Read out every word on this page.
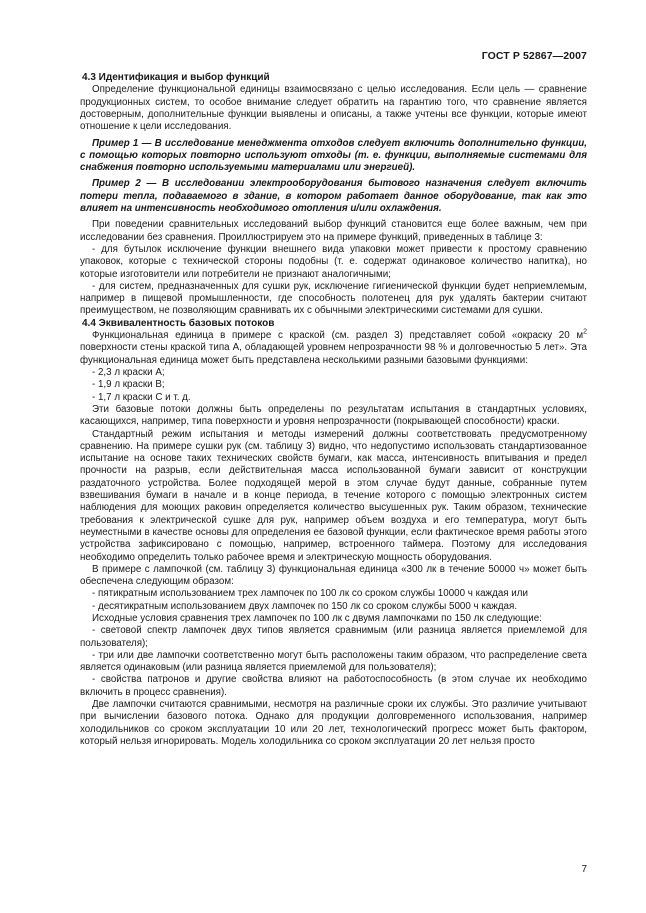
ГОСТ Р 52867—2007
4.3 Идентификация и выбор функций

Определение функциональной единицы взаимосвязано с целью исследования. Если цель — сравнение продукционных систем, то особое внимание следует обратить на гарантию того, что сравнение является достоверным, дополнительные функции выявлены и описаны, а также учтены все функции, которые имеют отношение к цели исследования.

Пример 1 — В исследование менеджмента отходов следует включить дополнительно функции, с помощью которых повторно используют отходы (т. е. функции, выполняемые системами для снабжения повторно используемыми материалами или энергией).

Пример 2 — В исследовании электрооборудования бытового назначения следует включить потери тепла, подаваемого в здание, в котором работает данное оборудование, так как это влияет на интенсивность необходимого отопления и/или охлаждения.

При поведении сравнительных исследований выбор функций становится еще более важным, чем при исследовании без сравнения. Проиллюстрируем это на примере функций, приведенных в таблице 3:

- для бутылок исключение функции внешнего вида упаковки может привести к простому сравнению упаковок, которые с технической стороны подобны (т. е. содержат одинаковое количество напитка), но которые изготовители или потребители не признают аналогичными;

- для систем, предназначенных для сушки рук, исключение гигиенической функции будет неприемлемым, например в пищевой промышленности, где способность полотенец для рук удалять бактерии считают преимуществом, не позволяющим сравнивать их с обычными электрическими системами для сушки.

4.4 Эквивалентность базовых потоков

Функциональная единица в примере с краской (см. раздел 3) представляет собой «окраску 20 $м^2$ поверхности стены краской типа А, обладающей уровнем непрозрачности 98 % и долговечностью 5 лет». Эта функциональная единица может быть представлена несколькими разными базовыми функциями:

- 2,3 л краски А;

- 1,9 л краски В;

- 1,7 л краски С и т. д.

Эти базовые потоки должны быть определены по результатам испытания в стандартных условиях, касающихся, например, типа поверхности и уровня непрозрачности (покрывающей способности) краски.

Стандартный режим испытания и методы измерений должны соответствовать предусмотренному сравнению. На примере сушки рук (см. таблицу 3) видно, что недопустимо использовать стандартизованное испытание на основе таких технических свойств бумаги, как масса, интенсивность впитывания и предел прочности на разрыв, если действительная масса использованной бумаги зависит от конструкции раздаточного устройства. Более подходящей мерой в этом случае будут данные, собранные путем взвешивания бумаги в начале и в конце периода, в течение которого с помощью электронных систем наблюдения для моющих раковин определяется количество высушенных рук. Таким образом, технические требования к электрической сушке для рук, например объем воздуха и его температура, могут быть неуместными в качестве основы для определения ее базовой функции, если фактическое время работы этого устройства зафиксировано с помощью, например, встроенного таймера. Поэтому для исследования необходимо определить только рабочее время и электрическую мощность оборудования.

В примере с лампочкой (см. таблицу 3) функциональная единица «300 лк в течение 50000 ч» может быть обеспечена следующим образом:

- пятикратным использованием трех лампочек по 100 лк со сроком службы 10000 ч каждая или

- десятикратным использованием двух лампочек по 150 лк со сроком службы 5000 ч каждая.

Исходные условия сравнения трех лампочек по 100 лк с двумя лампочками по 150 лк следующие:

- световой спектр лампочек двух типов является сравнимым (или разница является приемлемой для пользователя);

- три или две лампочки соответственно могут быть расположены таким образом, что распределение света является одинаковым (или разница является приемлемой для пользователя);

- свойства патронов и другие свойства влияют на работоспособность (в этом случае их необходимо включить в процесс сравнения).

Две лампочки считаются сравнимыми, несмотря на различные сроки их службы. Это различие учитывают при вычислении базового потока. Однако для продукции долговременного использования, например холодильников со сроком эксплуатации 10 или 20 лет, технологический прогресс может быть фактором, который нельзя игнорировать. Модель холодильника со сроком эксплуатации 20 лет нельзя просто

7
